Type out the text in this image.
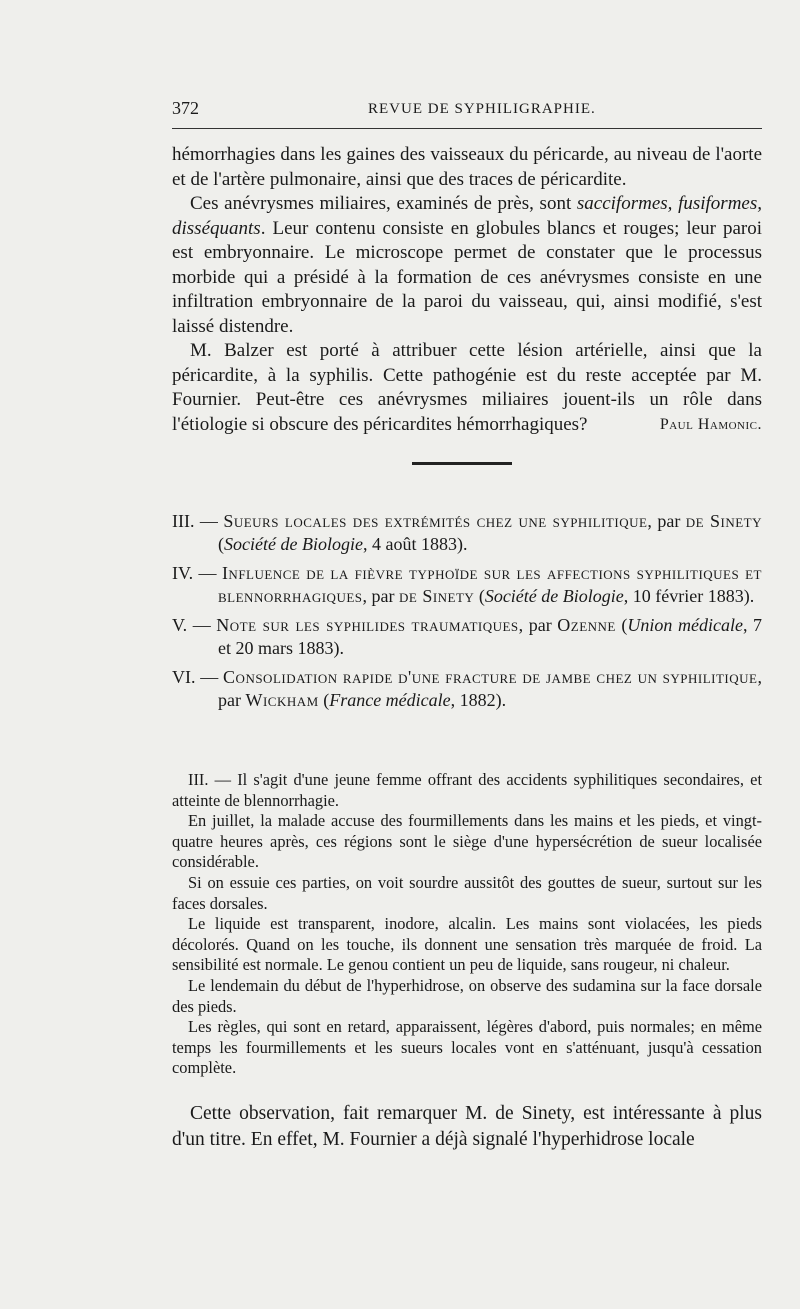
372	REVUE DE SYPHILIGRAPHIE.

hémorrhagies dans les gaines des vaisseaux du péricarde, au niveau de l'aorte et de l'artère pulmonaire, ainsi que des traces de péricardite.

Ces anévrysmes miliaires, examinés de près, sont sacciformes, fusiformes, disséquants. Leur contenu consiste en globules blancs et rouges; leur paroi est embryonnaire. Le microscope permet de constater que le processus morbide qui a présidé à la formation de ces anévrysmes consiste en une infiltration embryonnaire de la paroi du vaisseau, qui, ainsi modifié, s'est laissé distendre.

M. Balzer est porté à attribuer cette lésion artérielle, ainsi que la péricardite, à la syphilis. Cette pathogénie est du reste acceptée par M. Fournier. Peut-être ces anévrysmes miliaires jouent-ils un rôle dans l'étiologie si obscure des péricardites hémorrhagiques?	Paul Hamonic.

III. — Sueurs locales des extrémités chez une syphilitique, par de Sinety (Société de Biologie, 4 août 1883).

IV. — Influence de la fièvre typhoïde sur les affections syphilitiques et blennorrhagiques, par de Sinety (Société de Biologie, 10 février 1883).

V. — Note sur les syphilides traumatiques, par Ozenne (Union médicale, 7 et 20 mars 1883).

VI. — Consolidation rapide d'une fracture de jambe chez un syphilitique, par Wickham (France médicale, 1882).

III. — Il s'agit d'une jeune femme offrant des accidents syphilitiques secondaires, et atteinte de blennorrhagie.

En juillet, la malade accuse des fourmillements dans les mains et les pieds, et vingt-quatre heures après, ces régions sont le siège d'une hypersécrétion de sueur localisée considérable.

Si on essuie ces parties, on voit sourdre aussitôt des gouttes de sueur, surtout sur les faces dorsales.

Le liquide est transparent, inodore, alcalin. Les mains sont violacées, les pieds décolorés. Quand on les touche, ils donnent une sensation très marquée de froid. La sensibilité est normale. Le genou contient un peu de liquide, sans rougeur, ni chaleur.

Le lendemain du début de l'hyperhidrose, on observe des sudamina sur la face dorsale des pieds.

Les règles, qui sont en retard, apparaissent, légères d'abord, puis normales; en même temps les fourmillements et les sueurs locales vont en s'atténuant, jusqu'à cessation complète.

Cette observation, fait remarquer M. de Sinety, est intéressante à plus d'un titre. En effet, M. Fournier a déjà signalé l'hyperhidrose locale
